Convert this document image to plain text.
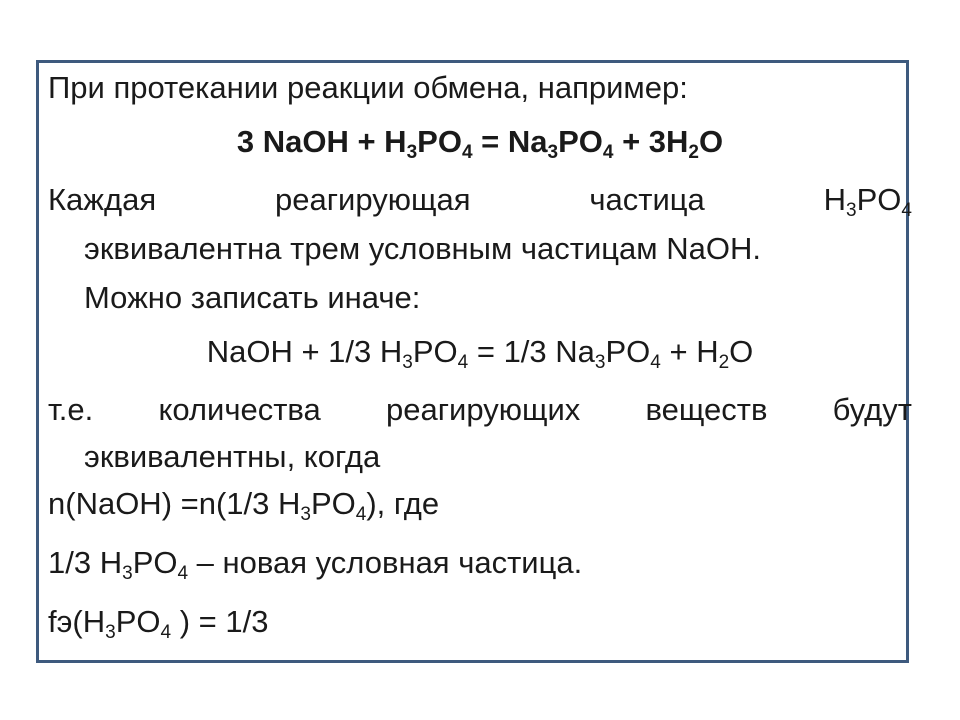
При протекании реакции обмена, например:
3 NaOH + $H_3PO_4 = Na_3PO_4 + 3H_2O$
Каждая	реагирующая	частица	$H_3PO_4$
эквивалентна трем условным частицам NaOH.
Можно записать иначе:
NaOH + 1/3 $H_3PO_4 = 1/3$ $Na_3PO_4 + H_2O$
т.е. количества реагирующих веществ будут
эквивалентны, когда
n(NaOH) =n(1/3 $H_3PO_4$), где
1/3 $H_3PO_4$ – новая условная частица.
$fэ(H_3PO_4$ ) = 1/3
